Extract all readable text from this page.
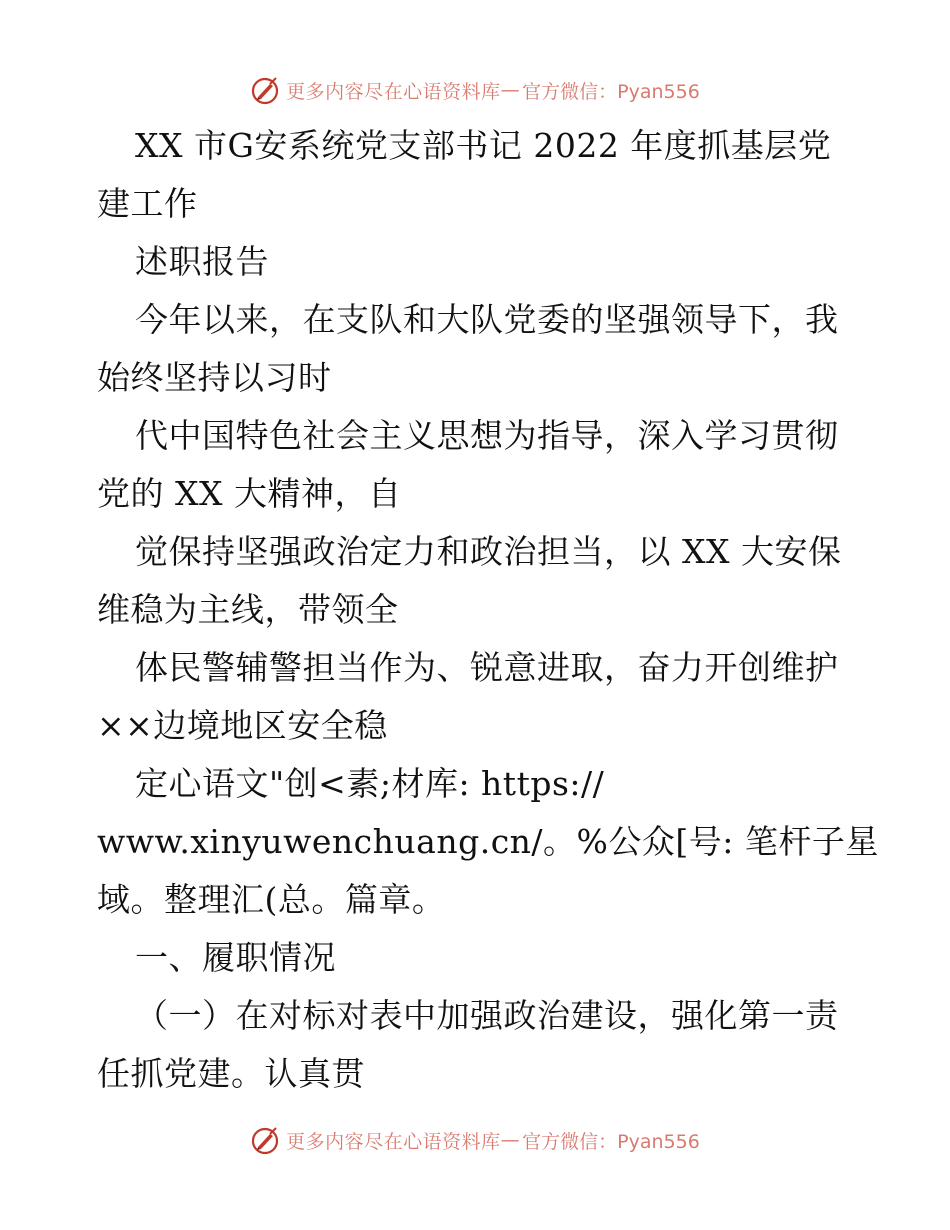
更多内容尽在心语资料库 — 官方微信：Pyan556
XX 市G安系统党支部书记 2022 年度抓基层党
建工作
述职报告
今年以来，在支队和大队党委的坚强领导下，我
始终坚持以习时
代中国特色社会主义思想为指导，深入学习贯彻
党的 XX 大精神，自
觉保持坚强政治定力和政治担当，以 XX 大安保
维稳为主线，带领全
体民警辅警担当作为、锐意进取，奋力开创维护
××边境地区安全稳
定心语文"创<素;材库: https://
www.xinyuwenchuang.cn/。%公众[号: 笔杆子星
域。整理汇(总。篇章。
一、履职情况
（一）在对标对表中加强政治建设，强化第一责
任抓党建。认真贯
更多内容尽在心语资料库 — 官方微信：Pyan556
